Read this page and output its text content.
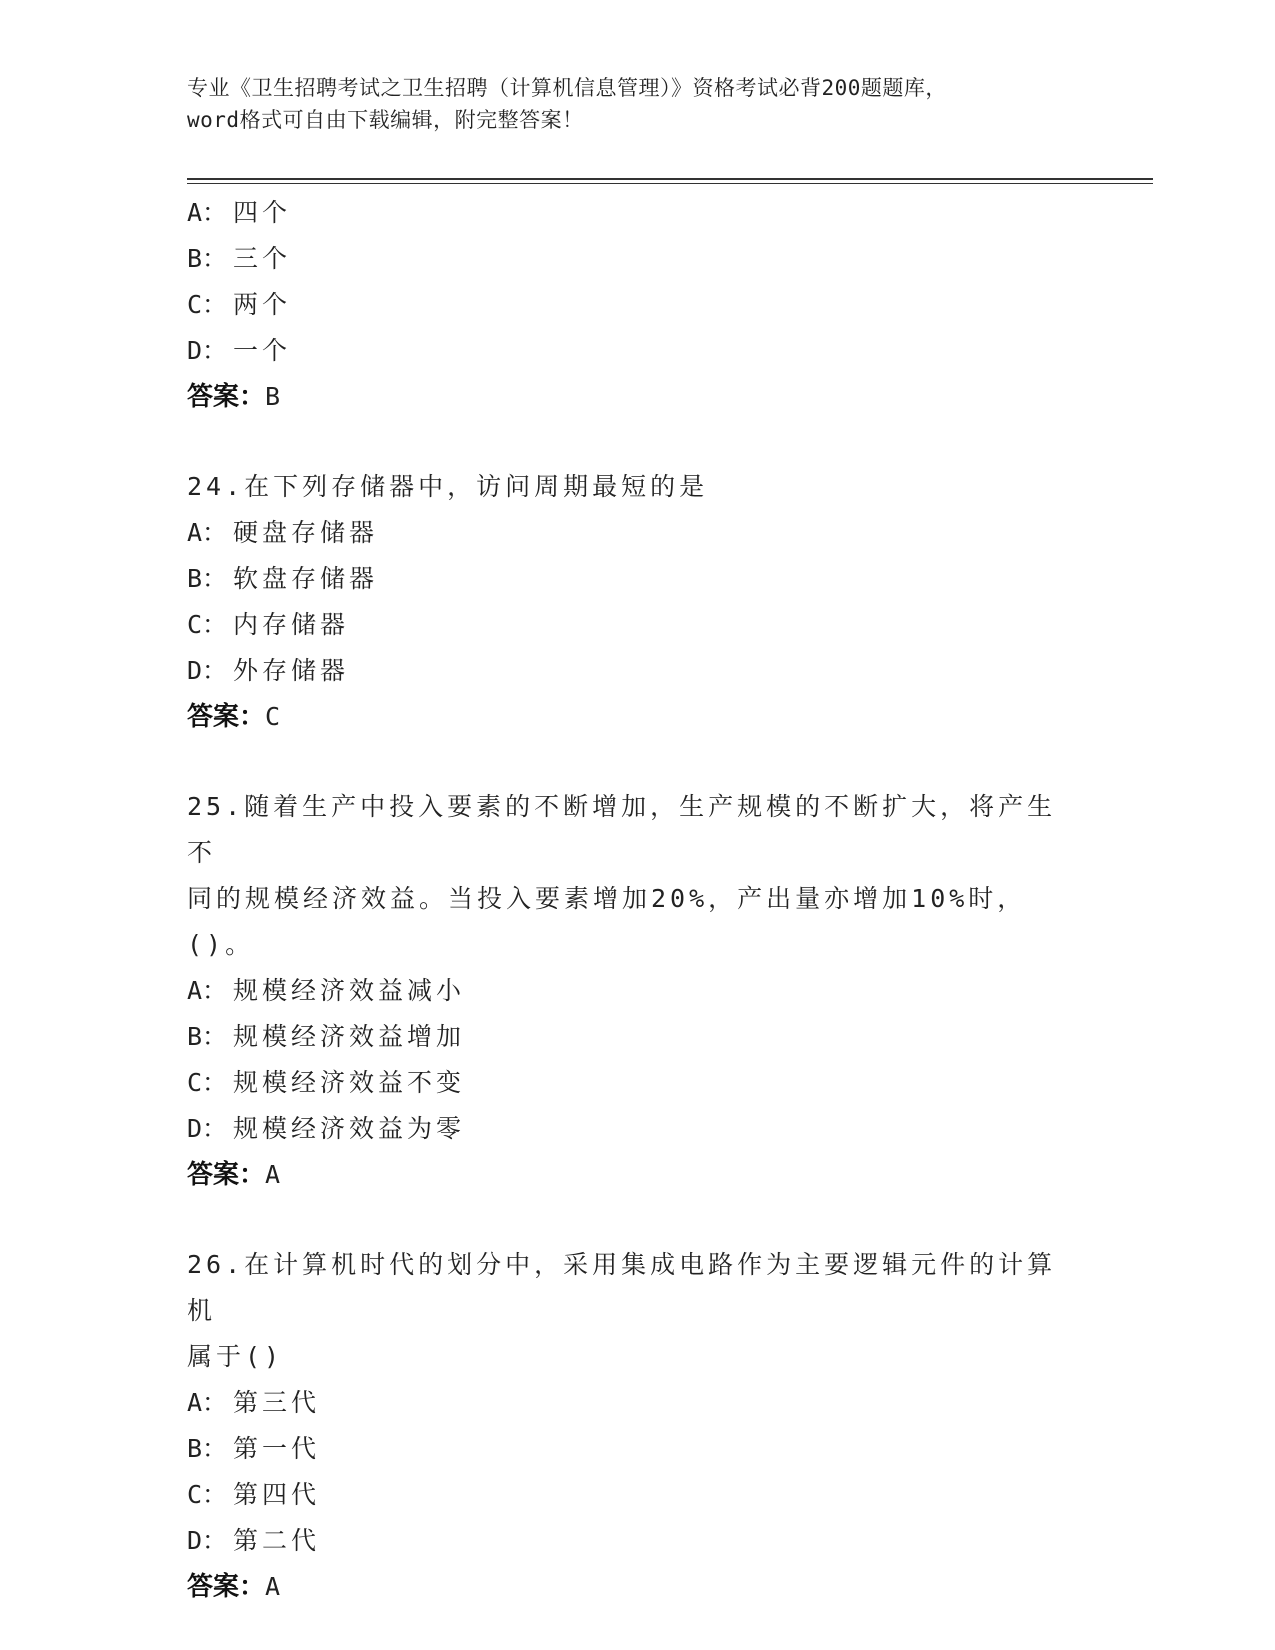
专业《卫生招聘考试之卫生招聘（计算机信息管理）》资格考试必背200题题库，
word格式可自由下载编辑，附完整答案！
A： 四个
B： 三个
C： 两个
D： 一个
答案：B
24.在下列存储器中，访问周期最短的是
A： 硬盘存储器
B： 软盘存储器
C： 内存储器
D： 外存储器
答案：C
25.随着生产中投入要素的不断增加，生产规模的不断扩大，将产生不
同的规模经济效益。当投入要素增加20%，产出量亦增加10%时，()。
A： 规模经济效益减小
B： 规模经济效益增加
C： 规模经济效益不变
D： 规模经济效益为零
答案：A
26.在计算机时代的划分中，采用集成电路作为主要逻辑元件的计算机
属于()
A： 第三代
B： 第一代
C： 第四代
D： 第二代
答案：A
